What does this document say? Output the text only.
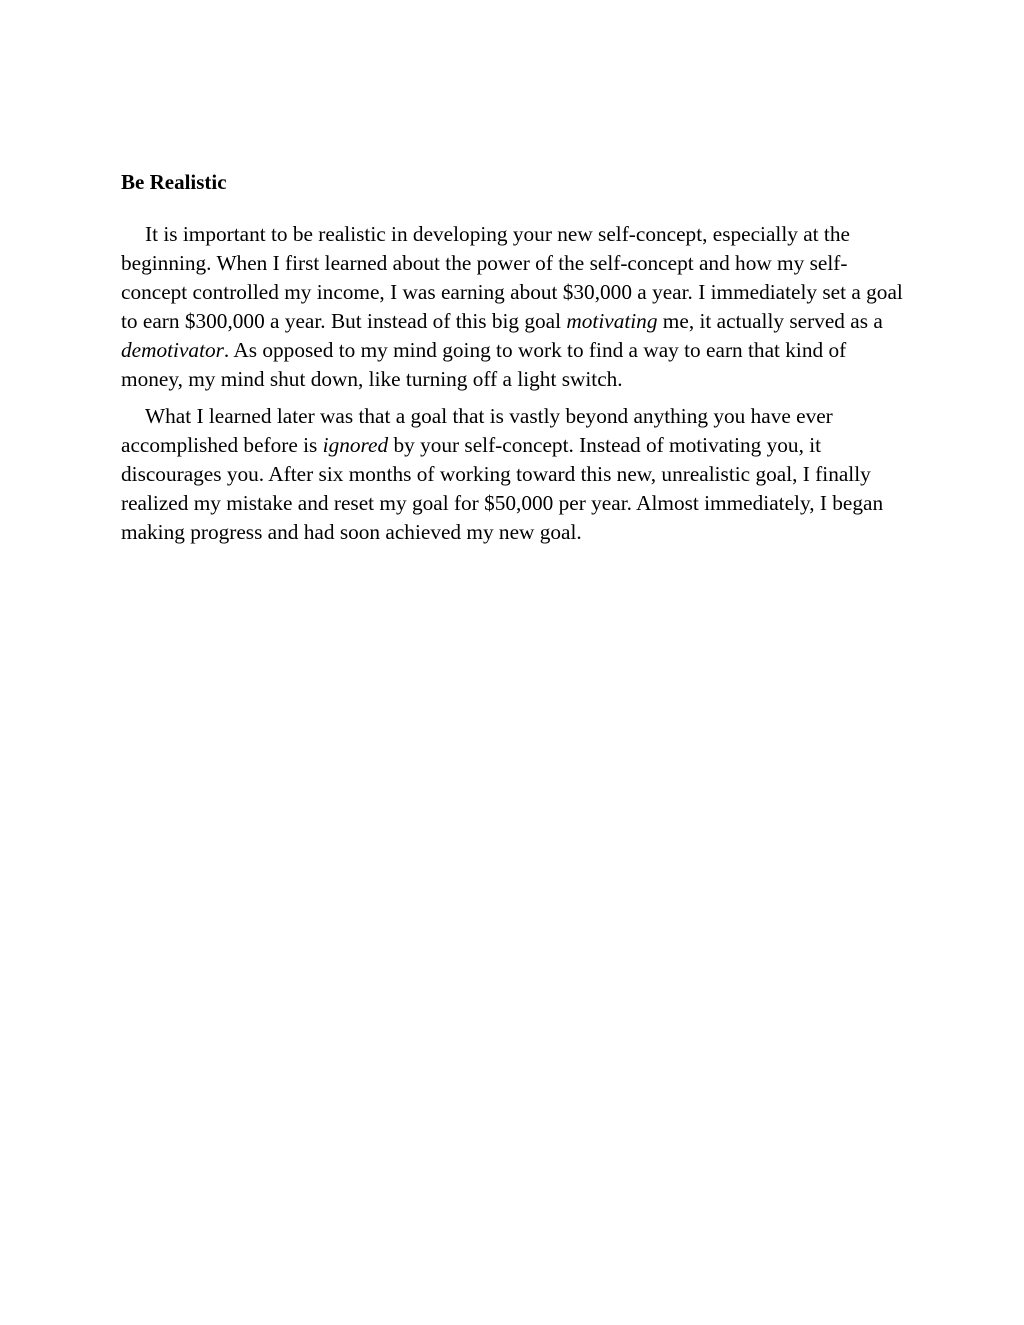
Be Realistic

It is important to be realistic in developing your new self-concept, especially at the beginning. When I first learned about the power of the self-concept and how my self-concept controlled my income, I was earning about $30,000 a year. I immediately set a goal to earn $300,000 a year. But instead of this big goal motivating me, it actually served as a demotivator. As opposed to my mind going to work to find a way to earn that kind of money, my mind shut down, like turning off a light switch.

What I learned later was that a goal that is vastly beyond anything you have ever accomplished before is ignored by your self-concept. Instead of motivating you, it discourages you. After six months of working toward this new, unrealistic goal, I finally realized my mistake and reset my goal for $50,000 per year. Almost immediately, I began making progress and had soon achieved my new goal.
